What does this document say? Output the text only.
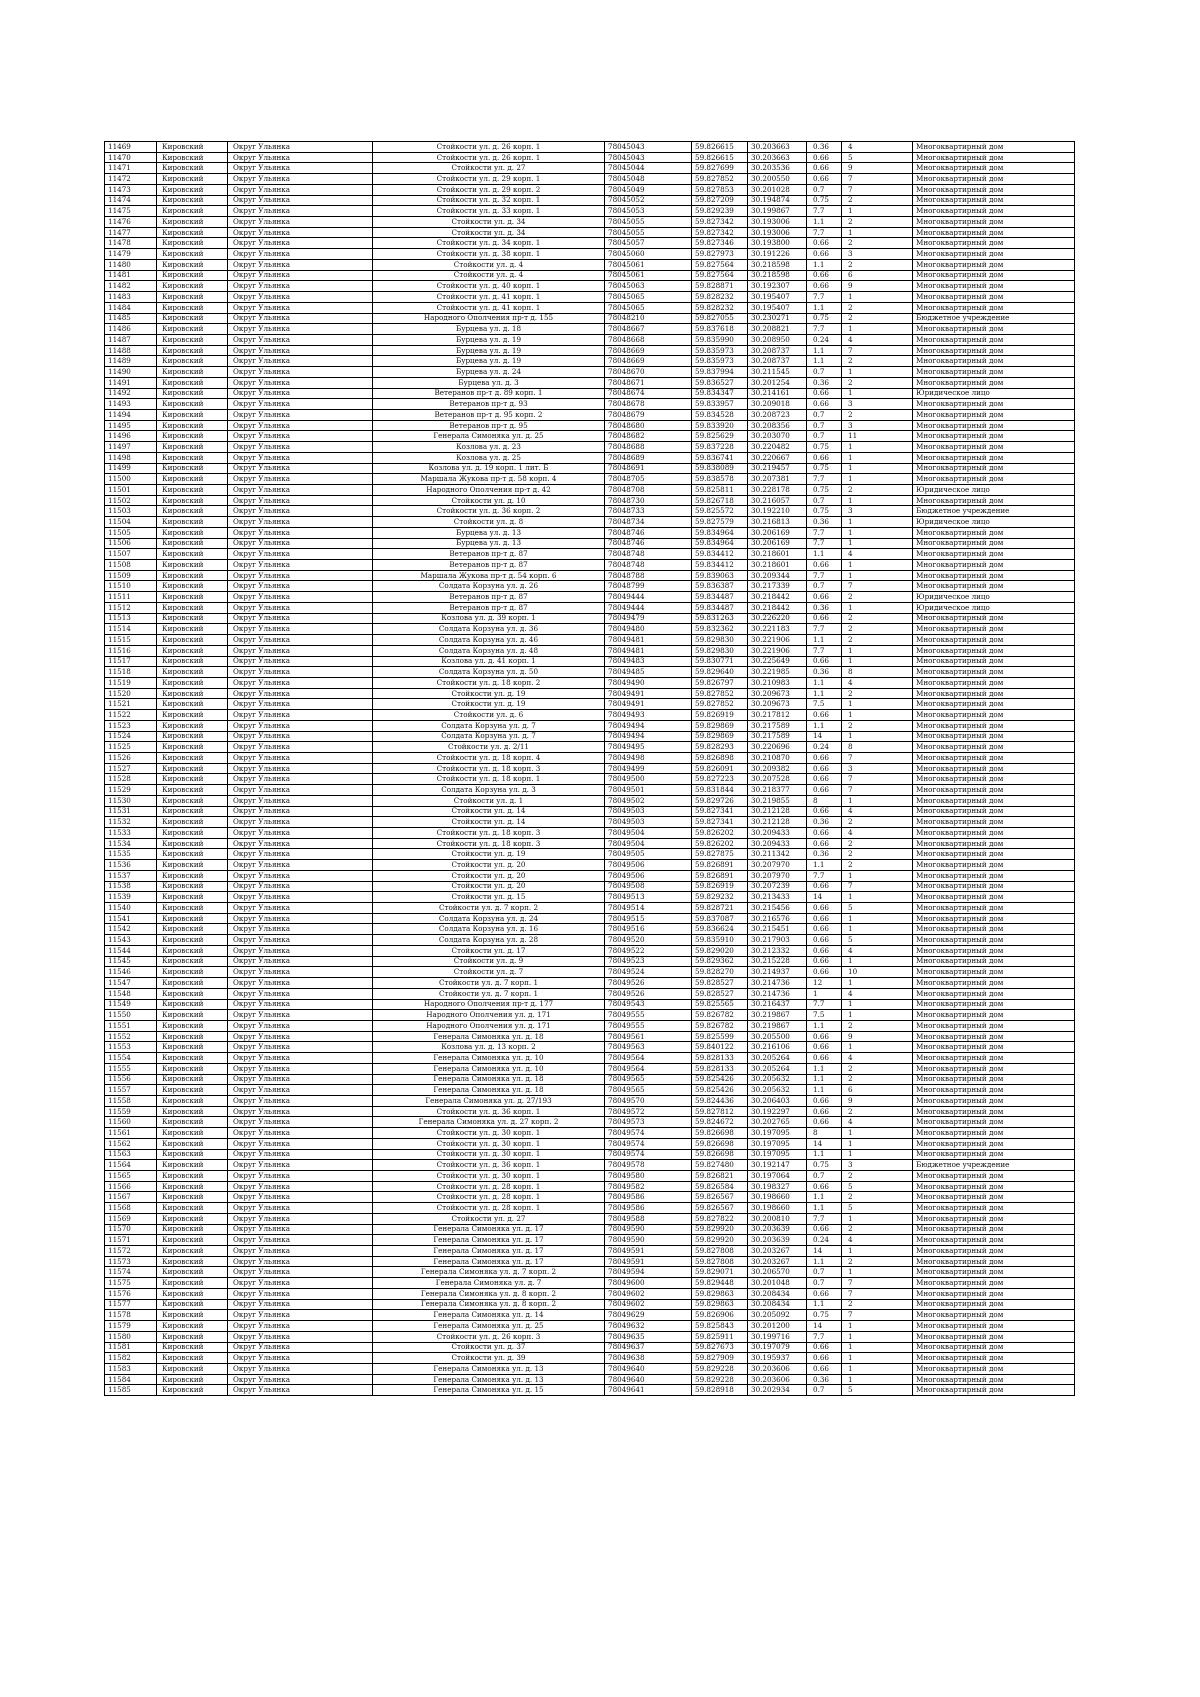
11469	Кировский	Округ Ульянка	Стойкости ул. д. 26 корп. 1	78045043	59.826615	30.203663	0.36	4	Многоквартирный дом
11470	Кировский	Округ Ульянка	Стойкости ул. д. 26 корп. 1	78045043	59.826615	30.203663	0.66	5	Многоквартирный дом
11471	Кировский	Округ Ульянка	Стойкости ул. д. 27	78045044	59.827699	30.203536	0.66	9	Многоквартирный дом
11472	Кировский	Округ Ульянка	Стойкости ул. д. 29 корп. 1	78045048	59.827852	30.200550	0.66	7	Многоквартирный дом
11473	Кировский	Округ Ульянка	Стойкости ул. д. 29 корп. 2	78045049	59.827853	30.201028	0.7	7	Многоквартирный дом
11474	Кировский	Округ Ульянка	Стойкости ул. д. 32 корп. 1	78045052	59.827209	30.194874	0.75	2	Многоквартирный дом
11475	Кировский	Округ Ульянка	Стойкости ул. д. 33 корп. 1	78045053	59.829239	30.199867	7.7	1	Многоквартирный дом
11476	Кировский	Округ Ульянка	Стойкости ул. д. 34	78045055	59.827342	30.193006	1.1	2	Многоквартирный дом
11477	Кировский	Округ Ульянка	Стойкости ул. д. 34	78045055	59.827342	30.193006	7.7	1	Многоквартирный дом
11478	Кировский	Округ Ульянка	Стойкости ул. д. 34 корп. 1	78045057	59.827346	30.193800	0.66	2	Многоквартирный дом
11479	Кировский	Округ Ульянка	Стойкости ул. д. 38 корп. 1	78045060	59.827973	30.191226	0.66	3	Многоквартирный дом
11480	Кировский	Округ Ульянка	Стойкости ул. д. 4	78045061	59.827564	30.218598	1.1	2	Многоквартирный дом
11481	Кировский	Округ Ульянка	Стойкости ул. д. 4	78045061	59.827564	30.218598	0.66	6	Многоквартирный дом
11482	Кировский	Округ Ульянка	Стойкости ул. д. 40 корп. 1	78045063	59.828871	30.192307	0.66	9	Многоквартирный дом
11483	Кировский	Округ Ульянка	Стойкости ул. д. 41 корп. 1	78045065	59.828232	30.195407	7.7	1	Многоквартирный дом
11484	Кировский	Округ Ульянка	Стойкости ул. д. 41 корп. 1	78045065	59.828232	30.195407	1.1	2	Многоквартирный дом
11485	Кировский	Округ Ульянка	Народного Ополчения пр-т д. 155	78048210	59.827055	30.230271	0.75	2	Бюджетное учреждение
11486	Кировский	Округ Ульянка	Бурцева ул. д. 18	78048667	59.837618	30.208821	7.7	1	Многоквартирный дом
11487	Кировский	Округ Ульянка	Бурцева ул. д. 19	78048668	59.835990	30.208950	0.24	4	Многоквартирный дом
11488	Кировский	Округ Ульянка	Бурцева ул. д. 19	78048669	59.835973	30.208737	1.1	7	Многоквартирный дом
11489	Кировский	Округ Ульянка	Бурцева ул. д. 19	78048669	59.835973	30.208737	1.1	2	Многоквартирный дом
11490	Кировский	Округ Ульянка	Бурцева ул. д. 24	78048670	59.837994	30.211545	0.7	1	Многоквартирный дом
11491	Кировский	Округ Ульянка	Бурцева ул. д. 3	78048671	59.836527	30.201254	0.36	2	Многоквартирный дом
11492	Кировский	Округ Ульянка	Ветеранов пр-т д. 89 корп. 1	78048674	59.834347	30.214161	0.66	1	Юридическое лицо
11493	Кировский	Округ Ульянка	Ветеранов пр-т д. 93	78048678	59.833957	30.209018	0.66	3	Многоквартирный дом
11494	Кировский	Округ Ульянка	Ветеранов пр-т д. 95 корп. 2	78048679	59.834528	30.208723	0.7	2	Многоквартирный дом
11495	Кировский	Округ Ульянка	Ветеранов пр-т д. 95	78048680	59.833920	30.208356	0.7	3	Многоквартирный дом
11496	Кировский	Округ Ульянка	Генерала Симоняка ул. д. 25	78048682	59.825629	30.203070	0.7	11	Многоквартирный дом
11497	Кировский	Округ Ульянка	Козлова ул. д. 23	78048688	59.837228	30.220482	0.75	1	Многоквартирный дом
11498	Кировский	Округ Ульянка	Козлова ул. д. 25	78048689	59.836741	30.220667	0.66	1	Многоквартирный дом
11499	Кировский	Округ Ульянка	Козлова ул. д. 19 корп. 1 лит. Б	78048691	59.838089	30.219457	0.75	1	Многоквартирный дом
11500	Кировский	Округ Ульянка	Маршала Жукова пр-т д. 58 корп. 4	78048705	59.838578	30.207381	7.7	1	Многоквартирный дом
11501	Кировский	Округ Ульянка	Народного Ополчения пр-т д. 42	78048708	59.825811	30.228178	0.75	2	Юридическое лицо
11502	Кировский	Округ Ульянка	Стойкости ул. д. 10	78048730	59.826718	30.216057	0.7	1	Многоквартирный дом
11503	Кировский	Округ Ульянка	Стойкости ул. д. 36 корп. 2	78048733	59.825572	30.192210	0.75	3	Бюджетное учреждение
11504	Кировский	Округ Ульянка	Стойкости ул. д. 8	78048734	59.827579	30.216813	0.36	1	Юридическое лицо
11505	Кировский	Округ Ульянка	Бурцева ул. д. 13	78048746	59.834964	30.206169	7.7	1	Многоквартирный дом
11506	Кировский	Округ Ульянка	Бурцева ул. д. 13	78048746	59.834964	30.206169	7.7	1	Многоквартирный дом
11507	Кировский	Округ Ульянка	Ветеранов пр-т д. 87	78048748	59.834412	30.218601	1.1	4	Многоквартирный дом
11508	Кировский	Округ Ульянка	Ветеранов пр-т д. 87	78048748	59.834412	30.218601	0.66	1	Многоквартирный дом
11509	Кировский	Округ Ульянка	Маршала Жукова пр-т д. 54 корп. 6	78048788	59.839063	30.209344	7.7	1	Многоквартирный дом
11510	Кировский	Округ Ульянка	Солдата Корзуна ул. д. 26	78048799	59.836387	30.217339	0.7	7	Многоквартирный дом
11511	Кировский	Округ Ульянка	Ветеранов пр-т д. 87	78049444	59.834487	30.218442	0.66	2	Юридическое лицо
11512	Кировский	Округ Ульянка	Ветеранов пр-т д. 87	78049444	59.834487	30.218442	0.36	1	Юридическое лицо
11513	Кировский	Округ Ульянка	Козлова ул. д. 39 корп. 1	78049479	59.831263	30.226220	0.66	2	Многоквартирный дом
11514	Кировский	Округ Ульянка	Солдата Корзуна ул. д. 36	78049480	59.832362	30.221183	7.7	2	Многоквартирный дом
11515	Кировский	Округ Ульянка	Солдата Корзуна ул. д. 46	78049481	59.829830	30.221906	1.1	2	Многоквартирный дом
11516	Кировский	Округ Ульянка	Солдата Корзуна ул. д. 48	78049481	59.829830	30.221906	7.7	1	Многоквартирный дом
11517	Кировский	Округ Ульянка	Козлова ул. д. 41 корп. 1	78049483	59.830771	30.225649	0.66	1	Многоквартирный дом
11518	Кировский	Округ Ульянка	Солдата Корзуна ул. д. 50	78049485	59.829640	30.221985	0.36	8	Многоквартирный дом
11519	Кировский	Округ Ульянка	Стойкости ул. д. 18 корп. 2	78049490	59.826797	30.210983	1.1	4	Многоквартирный дом
11520	Кировский	Округ Ульянка	Стойкости ул. д. 19	78049491	59.827852	30.209673	1.1	2	Многоквартирный дом
11521	Кировский	Округ Ульянка	Стойкости ул. д. 19	78049491	59.827852	30.209673	7.5	1	Многоквартирный дом
11522	Кировский	Округ Ульянка	Стойкости ул. д. 6	78049493	59.826919	30.217812	0.66	1	Многоквартирный дом
11523	Кировский	Округ Ульянка	Солдата Корзуна ул. д. 7	78049494	59.829869	30.217589	1.1	2	Многоквартирный дом
11524	Кировский	Округ Ульянка	Солдата Корзуна ул. д. 7	78049494	59.829869	30.217589	14	1	Многоквартирный дом
11525	Кировский	Округ Ульянка	Стойкости ул. д. 2/11	78049495	59.828293	30.220696	0.24	8	Многоквартирный дом
11526	Кировский	Округ Ульянка	Стойкости ул. д. 18 корп. 4	78049498	59.826898	30.210870	0.66	7	Многоквартирный дом
11527	Кировский	Округ Ульянка	Стойкости ул. д. 18 корп. 3	78049499	59.826091	30.209382	0.66	3	Многоквартирный дом
11528	Кировский	Округ Ульянка	Стойкости ул. д. 18 корп. 1	78049500	59.827223	30.207528	0.66	7	Многоквартирный дом
11529	Кировский	Округ Ульянка	Солдата Корзуна ул. д. 3	78049501	59.831844	30.218377	0.66	7	Многоквартирный дом
11530	Кировский	Округ Ульянка	Стойкости ул. д. 1	78049502	59.829726	30.219855	8	1	Многоквартирный дом
11531	Кировский	Округ Ульянка	Стойкости ул. д. 14	78049503	59.827341	30.212128	0.66	4	Многоквартирный дом
11532	Кировский	Округ Ульянка	Стойкости ул. д. 14	78049503	59.827341	30.212128	0.36	2	Многоквартирный дом
11533	Кировский	Округ Ульянка	Стойкости ул. д. 18 корп. 3	78049504	59.826202	30.209433	0.66	4	Многоквартирный дом
11534	Кировский	Округ Ульянка	Стойкости ул. д. 18 корп. 3	78049504	59.826202	30.209433	0.66	2	Многоквартирный дом
11535	Кировский	Округ Ульянка	Стойкости ул. д. 19	78049505	59.827875	30.211342	0.36	2	Многоквартирный дом
11536	Кировский	Округ Ульянка	Стойкости ул. д. 20	78049506	59.826891	30.207970	1.1	2	Многоквартирный дом
11537	Кировский	Округ Ульянка	Стойкости ул. д. 20	78049506	59.826891	30.207970	7.7	1	Многоквартирный дом
11538	Кировский	Округ Ульянка	Стойкости ул. д. 20	78049508	59.826919	30.207239	0.66	7	Многоквартирный дом
11539	Кировский	Округ Ульянка	Стойкости ул. д. 15	78049513	59.829232	30.213433	14	1	Многоквартирный дом
11540	Кировский	Округ Ульянка	Стойкости ул. д. 7 корп. 2	78049514	59.828721	30.215456	0.66	5	Многоквартирный дом
11541	Кировский	Округ Ульянка	Солдата Корзуна ул. д. 24	78049515	59.837087	30.216576	0.66	1	Многоквартирный дом
11542	Кировский	Округ Ульянка	Солдата Корзуна ул. д. 16	78049516	59.836624	30.215451	0.66	1	Многоквартирный дом
11543	Кировский	Округ Ульянка	Солдата Корзуна ул. д. 28	78049520	59.835910	30.217903	0.66	5	Многоквартирный дом
11544	Кировский	Округ Ульянка	Стойкости ул. д. 17	78049522	59.829020	30.212332	0.66	4	Многоквартирный дом
11545	Кировский	Округ Ульянка	Стойкости ул. д. 9	78049523	59.829362	30.215228	0.66	1	Многоквартирный дом
11546	Кировский	Округ Ульянка	Стойкости ул. д. 7	78049524	59.828270	30.214937	0.66	10	Многоквартирный дом
11547	Кировский	Округ Ульянка	Стойкости ул. д. 7 корп. 1	78049526	59.828527	30.214736	12	1	Многоквартирный дом
11548	Кировский	Округ Ульянка	Стойкости ул. д. 7 корп. 1	78049526	59.828527	30.214736	1	4	Многоквартирный дом
11549	Кировский	Округ Ульянка	Народного Ополчения пр-т д. 177	78049543	59.825565	30.216437	7.7	1	Многоквартирный дом
11550	Кировский	Округ Ульянка	Народного Ополчения ул. д. 171	78049555	59.826782	30.219867	7.5	1	Многоквартирный дом
11551	Кировский	Округ Ульянка	Народного Ополчения ул. д. 171	78049555	59.826782	30.219867	1.1	2	Многоквартирный дом
11552	Кировский	Округ Ульянка	Генерала Симоняка ул. д. 18	78049561	59.825599	30.205500	0.66	9	Многоквартирный дом
11553	Кировский	Округ Ульянка	Козлова ул. д. 13 корп. 2	78049563	59.840122	30.216106	0.66	1	Многоквартирный дом
11554	Кировский	Округ Ульянка	Генерала Симоняка ул. д. 10	78049564	59.828133	30.205264	0.66	4	Многоквартирный дом
11555	Кировский	Округ Ульянка	Генерала Симоняка ул. д. 10	78049564	59.828133	30.205264	1.1	2	Многоквартирный дом
11556	Кировский	Округ Ульянка	Генерала Симоняка ул. д. 18	78049565	59.825426	30.205632	1.1	2	Многоквартирный дом
11557	Кировский	Округ Ульянка	Генерала Симоняка ул. д. 18	78049565	59.825426	30.205632	1.1	6	Многоквартирный дом
11558	Кировский	Округ Ульянка	Генерала Симоняка ул. д. 27/193	78049570	59.824436	30.206403	0.66	9	Многоквартирный дом
11559	Кировский	Округ Ульянка	Стойкости ул. д. 36 корп. 1	78049572	59.827812	30.192297	0.66	2	Многоквартирный дом
11560	Кировский	Округ Ульянка	Генерала Симоняка ул. д. 27 корп. 2	78049573	59.824672	30.202765	0.66	4	Многоквартирный дом
11561	Кировский	Округ Ульянка	Стойкости ул. д. 30 корп. 1	78049574	59.826698	30.197095	8	1	Многоквартирный дом
11562	Кировский	Округ Ульянка	Стойкости ул. д. 30 корп. 1	78049574	59.826698	30.197095	14	1	Многоквартирный дом
11563	Кировский	Округ Ульянка	Стойкости ул. д. 30 корп. 1	78049574	59.826698	30.197095	1.1	1	Многоквартирный дом
11564	Кировский	Округ Ульянка	Стойкости ул. д. 36 корп. 1	78049578	59.827480	30.192147	0.75	3	Бюджетное учреждение
11565	Кировский	Округ Ульянка	Стойкости ул. д. 30 корп. 1	78049580	59.826821	30.197064	0.7	2	Многоквартирный дом
11566	Кировский	Округ Ульянка	Стойкости ул. д. 28 корп. 1	78049582	59.826584	30.198327	0.66	5	Многоквартирный дом
11567	Кировский	Округ Ульянка	Стойкости ул. д. 28 корп. 1	78049586	59.826567	30.198660	1.1	2	Многоквартирный дом
11568	Кировский	Округ Ульянка	Стойкости ул. д. 28 корп. 1	78049586	59.826567	30.198660	1.1	5	Многоквартирный дом
11569	Кировский	Округ Ульянка	Стойкости ул. д. 27	78049588	59.827822	30.200810	7.7	1	Многоквартирный дом
11570	Кировский	Округ Ульянка	Генерала Симоняка ул. д. 17	78049590	59.829920	30.203639	0.66	2	Многоквартирный дом
11571	Кировский	Округ Ульянка	Генерала Симоняка ул. д. 17	78049590	59.829920	30.203639	0.24	4	Многоквартирный дом
11572	Кировский	Округ Ульянка	Генерала Симоняка ул. д. 17	78049591	59.827808	30.203267	14	1	Многоквартирный дом
11573	Кировский	Округ Ульянка	Генерала Симоняка ул. д. 17	78049591	59.827808	30.203267	1.1	2	Многоквартирный дом
11574	Кировский	Округ Ульянка	Генерала Симоняка ул. д. 7 корп. 2	78049594	59.829071	30.206570	0.7	1	Многоквартирный дом
11575	Кировский	Округ Ульянка	Генерала Симоняка ул. д. 7	78049600	59.829448	30.201048	0.7	7	Многоквартирный дом
11576	Кировский	Округ Ульянка	Генерала Симоняка ул. д. 8 корп. 2	78049602	59.829863	30.208434	0.66	7	Многоквартирный дом
11577	Кировский	Округ Ульянка	Генерала Симоняка ул. д. 8 корп. 2	78049602	59.829863	30.208434	1.1	2	Многоквартирный дом
11578	Кировский	Округ Ульянка	Генерала Симоняка ул. д. 14	78049629	59.826906	30.205092	0.75	7	Многоквартирный дом
11579	Кировский	Округ Ульянка	Генерала Симоняка ул. д. 25	78049632	59.825843	30.201200	14	1	Многоквартирный дом
11580	Кировский	Округ Ульянка	Стойкости ул. д. 26 корп. 3	78049635	59.825911	30.199716	7.7	1	Многоквартирный дом
11581	Кировский	Округ Ульянка	Стойкости ул. д. 37	78049637	59.827673	30.197079	0.66	1	Многоквартирный дом
11582	Кировский	Округ Ульянка	Стойкости ул. д. 39	78049638	59.827909	30.195937	0.66	1	Многоквартирный дом
11583	Кировский	Округ Ульянка	Генерала Симоняка ул. д. 13	78049640	59.829228	30.203606	0.66	1	Многоквартирный дом
11584	Кировский	Округ Ульянка	Генерала Симоняка ул. д. 13	78049640	59.829228	30.203606	0.36	1	Многоквартирный дом
11585	Кировский	Округ Ульянка	Генерала Симоняка ул. д. 15	78049641	59.828918	30.202934	0.7	5	Многоквартирный дом
